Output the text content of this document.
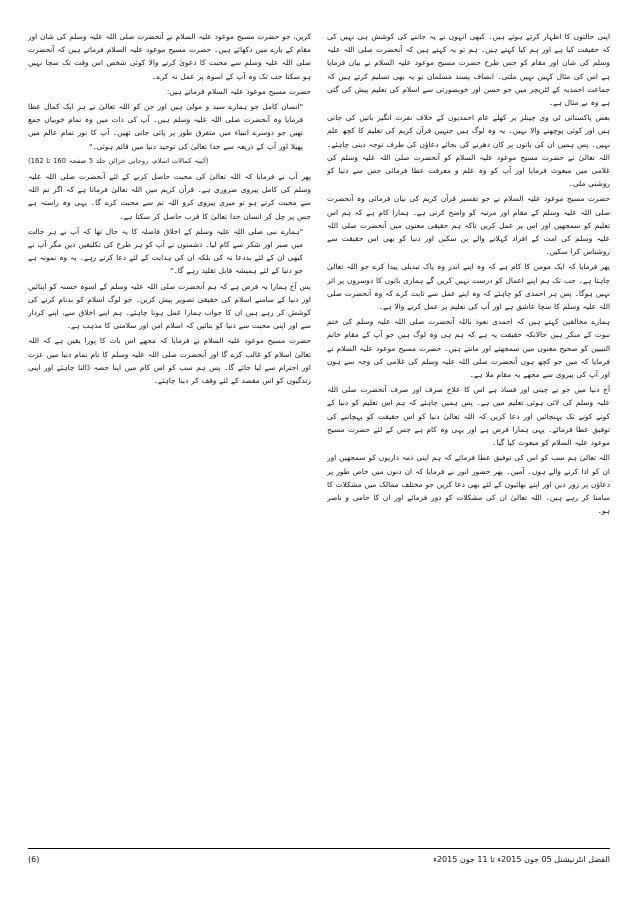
اپنی حالتوں کا اظہار کرتے ہوئے ہیں۔ کبھی انہوں نے یہ جاننے کی کوشش ہی نہیں کی کہ حقیقت کیا ہے اور ہم کیا کہتے ہیں۔ ہم تو یہ کہتے ہیں کہ آنحضرت صلی اللہ علیہ وسلم کی شان اور مقام کو جس طرح حضرت مسیح موعود علیہ السلام نے بیان فرمایا ہے اس کی مثال کہیں نہیں ملتی۔ انصاف پسند مسلمان تو یہ بھی تسلیم کرتے ہیں کہ جماعت احمدیہ کے لٹریچر میں جو حسن اور خوبصورتی سے اسلام کی تعلیم پیش کی گئی ہے وہ بے مثال ہے۔

بعض پاکستانی ٹی وی چینلز پر کھلے عام احمدیوں کے خلاف نفرت انگیز باتیں کی جاتی ہیں اور کوئی پوچھنے والا نہیں۔ یہ وہ لوگ ہیں جنہیں قرآن کریم کی تعلیم کا کچھ علم نہیں۔ پس ہمیں ان کی باتوں پر کان دھرنے کی بجائے دعاؤں کی طرف توجہ دینی چاہئے۔ اللہ تعالیٰ نے حضرت مسیح موعود علیہ السلام کو آنحضرت صلی اللہ علیہ وسلم کی غلامی میں مبعوث فرمایا اور آپ کو وہ علم و معرفت عطا فرمائی جس سے دنیا کو روشنی ملی۔

حضرت مسیح موعود علیہ السلام نے جو تفسیر قرآن کریم کی بیان فرمائی وہ آنحضرت صلی اللہ علیہ وسلم کے مقام اور مرتبہ کو واضح کرتی ہے۔ ہمارا کام ہے کہ ہم اس تعلیم کو سمجھیں اور اس پر عمل کریں تاکہ ہم حقیقی معنوں میں آنحضرت صلی اللہ علیہ وسلم کی امت کے افراد کہلانے والے بن سکیں اور دنیا کو بھی اس حقیقت سے روشناس کرا سکیں۔

پھر فرمایا کہ ایک مومن کا کام ہے کہ وہ اپنے اندر وہ پاک تبدیلی پیدا کرے جو اللہ تعالیٰ چاہتا ہے۔ جب تک ہم اپنے اعمال کو درست نہیں کریں گے ہماری باتوں کا دوسروں پر اثر نہیں ہوگا۔ پس ہر احمدی کو چاہئے کہ وہ اپنے عمل سے ثابت کرے کہ وہ آنحضرت صلی اللہ علیہ وسلم کا سچا عاشق ہے اور آپ کی تعلیم پر عمل کرنے والا ہے۔

ہمارے مخالفین کہتے ہیں کہ احمدی نعوذ باللہ آنحضرت صلی اللہ علیہ وسلم کی ختم نبوت کے منکر ہیں حالانکہ حقیقت یہ ہے کہ ہم ہی وہ لوگ ہیں جو آپ کے مقام خاتم النبیین کو صحیح معنوں میں سمجھتے اور مانتے ہیں۔ حضرت مسیح موعود علیہ السلام نے فرمایا کہ میں جو کچھ ہوں آنحضرت صلی اللہ علیہ وسلم کی غلامی کی وجہ سے ہوں اور آپ کی پیروی سے مجھے یہ مقام ملا ہے۔

آج دنیا میں جو بے چینی اور فساد ہے اس کا علاج صرف اور صرف آنحضرت صلی اللہ علیہ وسلم کی لائی ہوئی تعلیم میں ہے۔ پس ہمیں چاہئے کہ ہم اس تعلیم کو دنیا کے کونے کونے تک پہنچائیں اور دعا کریں کہ اللہ تعالیٰ دنیا کو اس حقیقت کو پہچاننے کی توفیق عطا فرمائے۔ یہی ہمارا فرض ہے اور یہی وہ کام ہے جس کے لئے حضرت مسیح موعود علیہ السلام کو مبعوث کیا گیا۔

اللہ تعالیٰ ہم سب کو اس کی توفیق عطا فرمائے کہ ہم اپنی ذمہ داریوں کو سمجھیں اور ان کو ادا کرنے والے ہوں۔ آمین۔ پھر حضور انور نے فرمایا کہ ان دنوں میں خاص طور پر دعاؤں پر زور دیں اور اپنے بھائیوں کے لئے بھی دعا کریں جو مختلف ممالک میں مشکلات کا سامنا کر رہے ہیں۔ اللہ تعالیٰ ان کی مشکلات کو دور فرمائے اور ان کا حامی و ناصر ہو۔

کریں، جو حضرت مسیح موعود علیہ السلام نے آنحضرت صلی اللہ علیہ وسلم کی شان اور مقام کے بارے میں دکھائے ہیں۔ حضرت مسیح موعود علیہ السلام فرماتے ہیں کہ آنحضرت صلی اللہ علیہ وسلم سے محبت کا دعویٰ کرنے والا کوئی شخص اس وقت تک سچا نہیں ہو سکتا جب تک وہ آپ کے اسوہ پر عمل نہ کرے۔

حضرت مسیح موعود علیہ السلام فرماتے ہیں:

"انسان کامل جو ہمارے سید و مولیٰ ہیں اور جن کو اللہ تعالیٰ نے ہر ایک کمال عطا فرمایا وہ آنحضرت صلی اللہ علیہ وسلم ہیں۔ آپ کی ذات میں وہ تمام خوبیاں جمع تھیں جو دوسرے انبیاء میں متفرق طور پر پائی جاتی تھیں۔ آپ کا نور تمام عالم میں پھیلا اور آپ کے ذریعہ سے خدا تعالیٰ کی توحید دنیا میں قائم ہوئی۔"

(آئینہ کمالات اسلام، روحانی خزائن جلد 5 صفحہ 160 تا 162)

پھر آپ نے فرمایا کہ اللہ تعالیٰ کی محبت حاصل کرنے کے لئے آنحضرت صلی اللہ علیہ وسلم کی کامل پیروی ضروری ہے۔ قرآن کریم میں اللہ تعالیٰ فرماتا ہے کہ اگر تم اللہ سے محبت کرتے ہو تو میری پیروی کرو اللہ تم سے محبت کرے گا۔ یہی وہ راستہ ہے جس پر چل کر انسان خدا تعالیٰ کا قرب حاصل کر سکتا ہے۔

"ہمارے نبی صلی اللہ علیہ وسلم کے اخلاق فاضلہ کا یہ حال تھا کہ آپ نے ہر حالت میں صبر اور شکر سے کام لیا۔ دشمنوں نے آپ کو ہر طرح کی تکلیفیں دیں مگر آپ نے کبھی ان کے لئے بددعا نہ کی بلکہ ان کی ہدایت کے لئے دعا کرتے رہے۔ یہ وہ نمونہ ہے جو دنیا کے لئے ہمیشہ قابل تقلید رہے گا۔"

پس آج ہمارا یہ فرض ہے کہ ہم آنحضرت صلی اللہ علیہ وسلم کے اسوہ حسنہ کو اپنائیں اور دنیا کے سامنے اسلام کی حقیقی تصویر پیش کریں۔ جو لوگ اسلام کو بدنام کرنے کی کوشش کر رہے ہیں ان کا جواب ہمارا عمل ہونا چاہئے۔ ہم اپنے اخلاق سے، اپنے کردار سے اور اپنی محبت سے دنیا کو بتائیں کہ اسلام امن اور سلامتی کا مذہب ہے۔

حضرت مسیح موعود علیہ السلام نے فرمایا کہ مجھے اس بات کا پورا یقین ہے کہ اللہ تعالیٰ اسلام کو غالب کرے گا اور آنحضرت صلی اللہ علیہ وسلم کا نام تمام دنیا میں عزت اور احترام سے لیا جائے گا۔ پس ہم سب کو اس کام میں اپنا حصہ ڈالنا چاہئے اور اپنی زندگیوں کو اس مقصد کے لئے وقف کر دینا چاہئے۔

(6)	الفضل انٹرنیشنل 05 جون 2015ء تا 11 جون 2015ء
